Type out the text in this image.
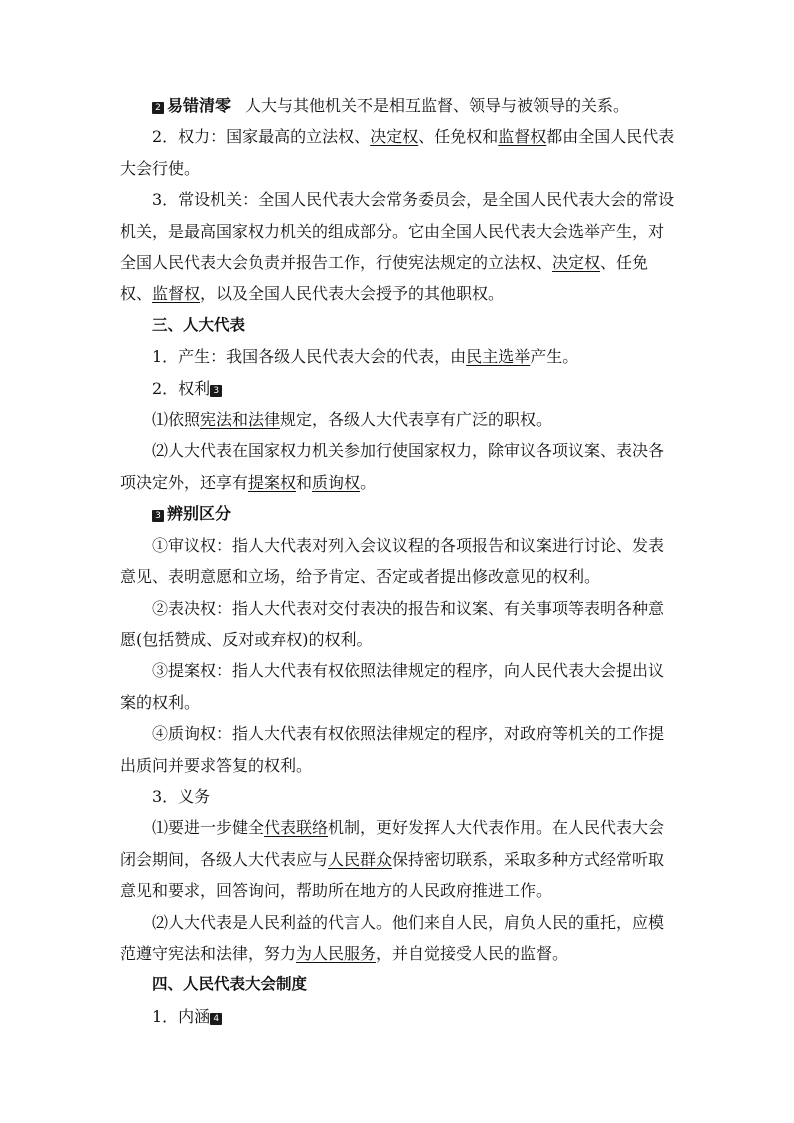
2 易错清零 人大与其他机关不是相互监督、领导与被领导的关系。

2．权力：国家最高的立法权、决定权、任免权和监督权都由全国人民代表大会行使。

3．常设机关：全国人民代表大会常务委员会，是全国人民代表大会的常设机关，是最高国家权力机关的组成部分。它由全国人民代表大会选举产生，对全国人民代表大会负责并报告工作，行使宪法规定的立法权、决定权、任免权、监督权，以及全国人民代表大会授予的其他职权。

三、人大代表

1．产生：我国各级人民代表大会的代表，由民主选举产生。

2．权利 3

⑴依照宪法和法律规定，各级人大代表享有广泛的职权。

⑵人大代表在国家权力机关参加行使国家权力，除审议各项议案、表决各项决定外，还享有提案权和质询权。

3 辨别区分

①审议权：指人大代表对列入会议议程的各项报告和议案进行讨论、发表意见、表明意愿和立场，给予肯定、否定或者提出修改意见的权利。

②表决权：指人大代表对交付表决的报告和议案、有关事项等表明各种意愿(包括赞成、反对或弃权)的权利。

③提案权：指人大代表有权依照法律规定的程序，向人民代表大会提出议案的权利。

④质询权：指人大代表有权依照法律规定的程序，对政府等机关的工作提出质问并要求答复的权利。

3．义务

⑴要进一步健全代表联络机制，更好发挥人大代表作用。在人民代表大会闭会期间，各级人大代表应与人民群众保持密切联系，采取多种方式经常听取意见和要求，回答询问，帮助所在地方的人民政府推进工作。

⑵人大代表是人民利益的代言人。他们来自人民，肩负人民的重托，应模范遵守宪法和法律，努力为人民服务，并自觉接受人民的监督。

四、人民代表大会制度

1．内涵 4
